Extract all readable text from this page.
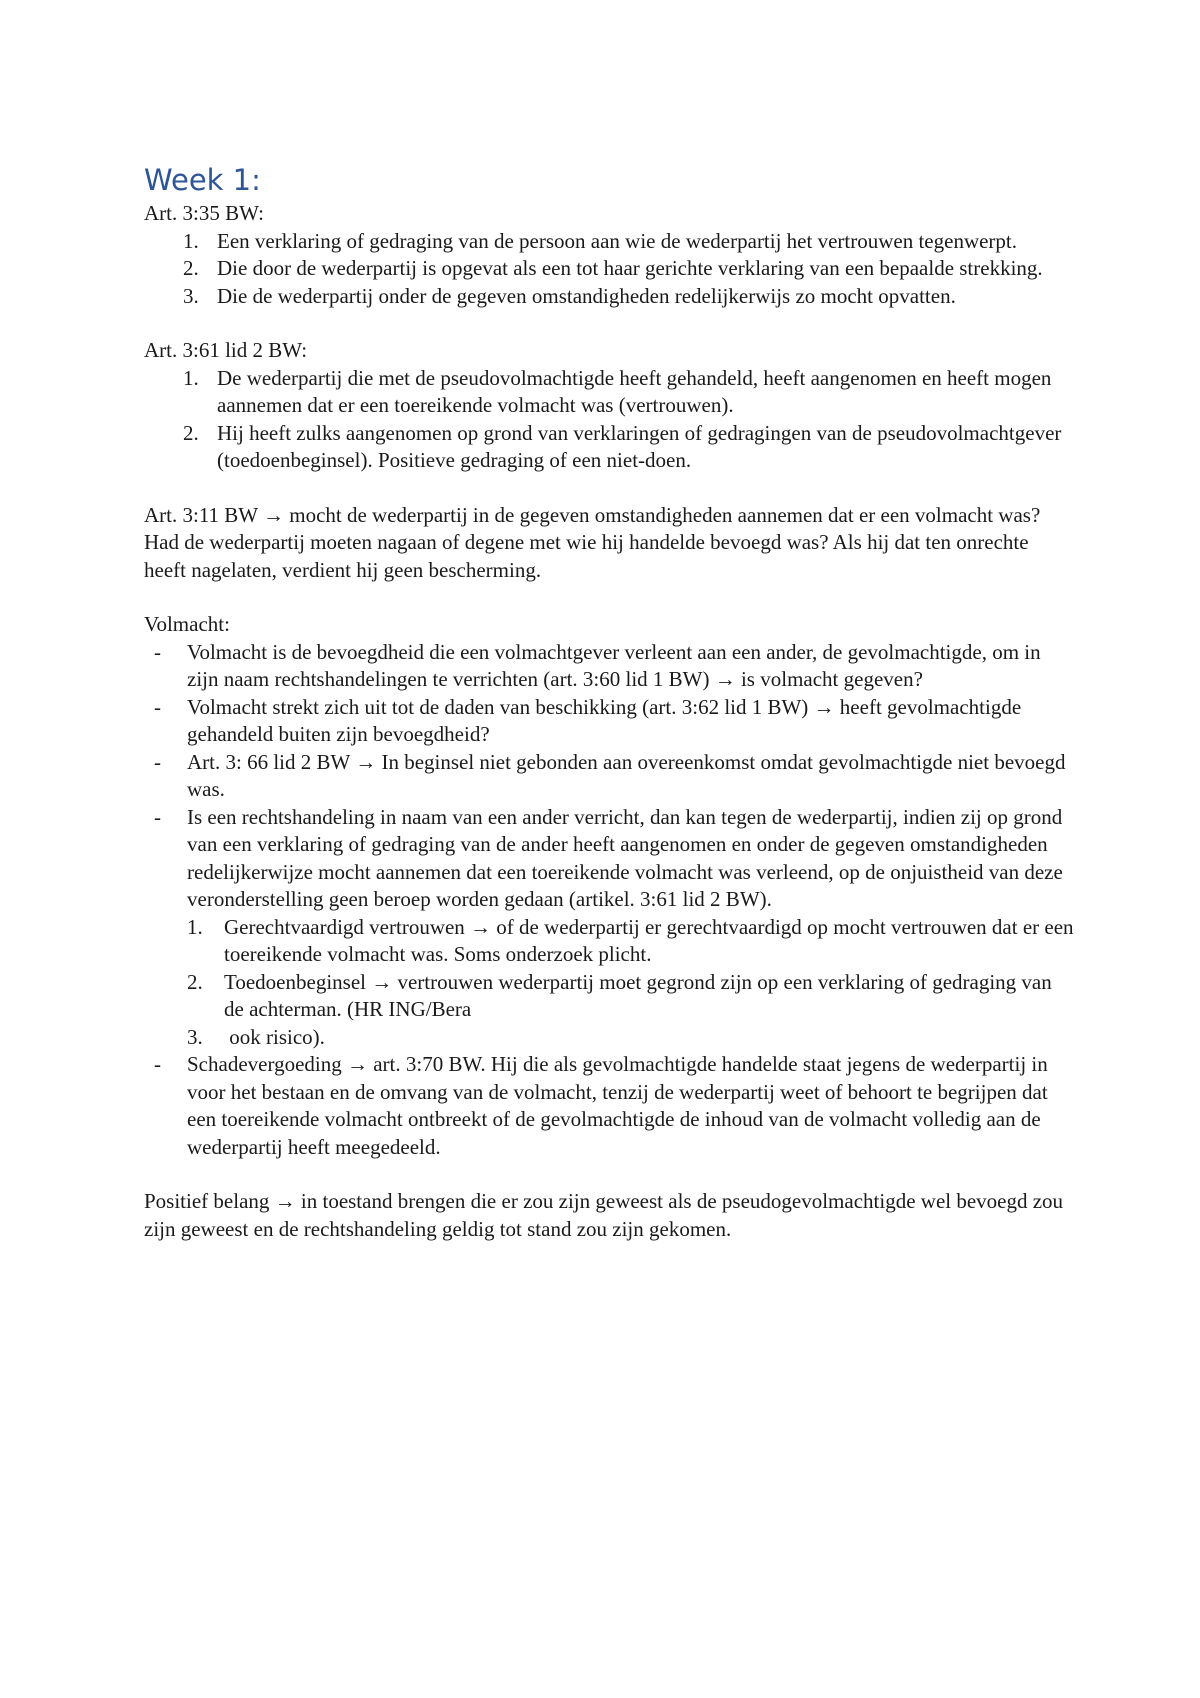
Week 1:

Art. 3:35 BW:

1. Een verklaring of gedraging van de persoon aan wie de wederpartij het vertrouwen tegenwerpt.
2. Die door de wederpartij is opgevat als een tot haar gerichte verklaring van een bepaalde strekking.
3. Die de wederpartij onder de gegeven omstandigheden redelijkerwijs zo mocht opvatten.

Art. 3:61 lid 2 BW:

1. De wederpartij die met de pseudovolmachtigde heeft gehandeld, heeft aangenomen en heeft mogen aannemen dat er een toereikende volmacht was (vertrouwen).
2. Hij heeft zulks aangenomen op grond van verklaringen of gedragingen van de pseudovolmachtgever (toedoenbeginsel). Positieve gedraging of een niet-doen.

Art. 3:11 BW → mocht de wederpartij in de gegeven omstandigheden aannemen dat er een volmacht was? Had de wederpartij moeten nagaan of degene met wie hij handelde bevoegd was? Als hij dat ten onrechte heeft nagelaten, verdient hij geen bescherming.

Volmacht:

- Volmacht is de bevoegdheid die een volmachtgever verleent aan een ander, de gevolmachtigde, om in zijn naam rechtshandelingen te verrichten (art. 3:60 lid 1 BW) → is volmacht gegeven?
- Volmacht strekt zich uit tot de daden van beschikking (art. 3:62 lid 1 BW) → heeft gevolmachtigde gehandeld buiten zijn bevoegdheid?
- Art. 3: 66 lid 2 BW → In beginsel niet gebonden aan overeenkomst omdat gevolmachtigde niet bevoegd was.
- Is een rechtshandeling in naam van een ander verricht, dan kan tegen de wederpartij, indien zij op grond van een verklaring of gedraging van de ander heeft aangenomen en onder de gegeven omstandigheden redelijkerwijze mocht aannemen dat een toereikende volmacht was verleend, op de onjuistheid van deze veronderstelling geen beroep worden gedaan (artikel. 3:61 lid 2 BW).
1. Gerechtvaardigd vertrouwen → of de wederpartij er gerechtvaardigd op mocht vertrouwen dat er een toereikende volmacht was. Soms onderzoek plicht.
2. Toedoenbeginsel → vertrouwen wederpartij moet gegrond zijn op een verklaring of gedraging van de achterman. (HR ING/Bera
3. ook risico).
- Schadevergoeding → art. 3:70 BW. Hij die als gevolmachtigde handelde staat jegens de wederpartij in voor het bestaan en de omvang van de volmacht, tenzij de wederpartij weet of behoort te begrijpen dat een toereikende volmacht ontbreekt of de gevolmachtigde de inhoud van de volmacht volledig aan de wederpartij heeft meegedeeld.

Positief belang → in toestand brengen die er zou zijn geweest als de pseudogevolmachtigde wel bevoegd zou zijn geweest en de rechtshandeling geldig tot stand zou zijn gekomen.
